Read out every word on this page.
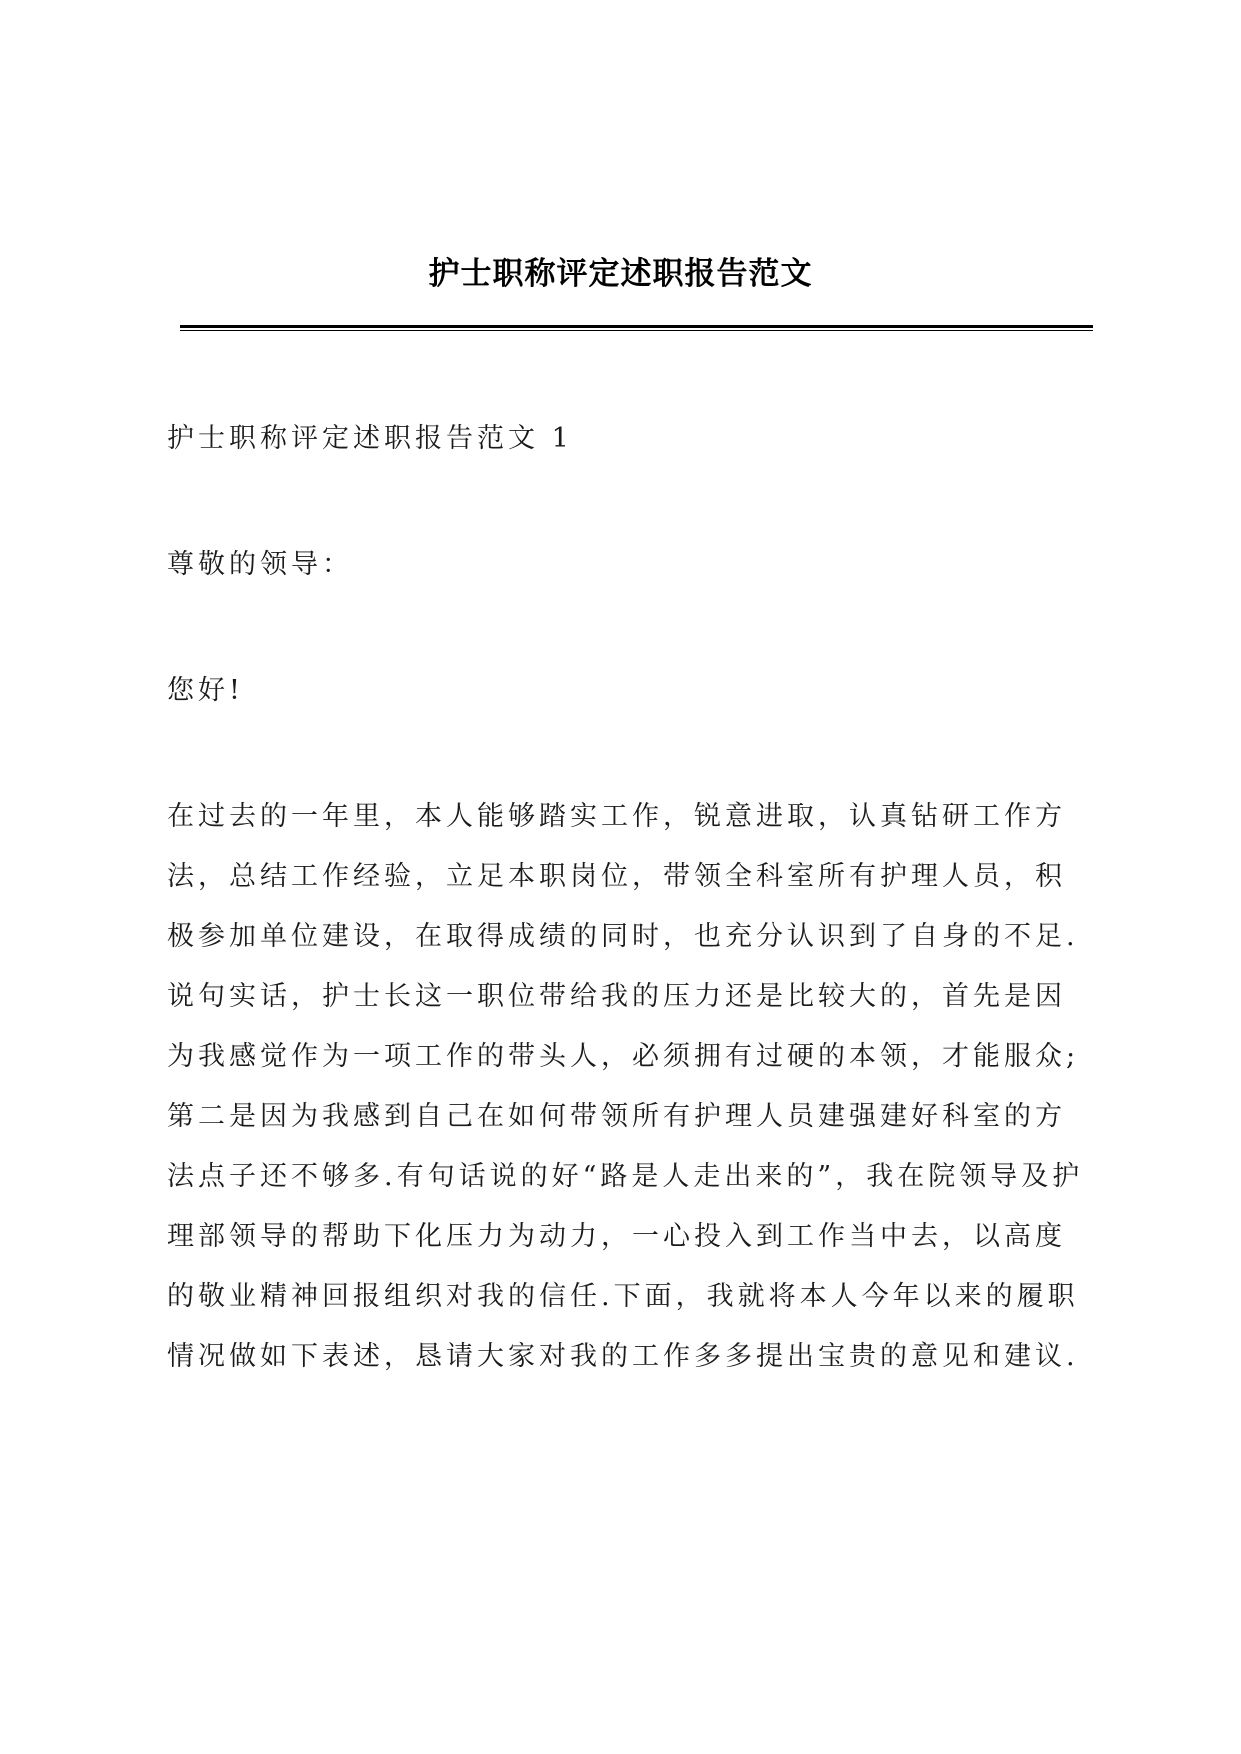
护士职称评定述职报告范文

护士职称评定述职报告范文 1

尊敬的领导：

您好!

在过去的一年里，本人能够踏实工作，锐意进取，认真钻研工作方法，总结工作经验，立足本职岗位，带领全科室所有护理人员，积极参加单位建设，在取得成绩的同时，也充分认识到了自身的不足.说句实话，护士长这一职位带给我的压力还是比较大的，首先是因为我感觉作为一项工作的带头人，必须拥有过硬的本领，才能服众;第二是因为我感到自己在如何带领所有护理人员建强建好科室的方法点子还不够多.有句话说的好“路是人走出来的”，我在院领导及护理部领导的帮助下化压力为动力，一心投入到工作当中去，以高度的敬业精神回报组织对我的信任.下面，我就将本人今年以来的履职情况做如下表述，恳请大家对我的工作多多提出宝贵的意见和建议.
